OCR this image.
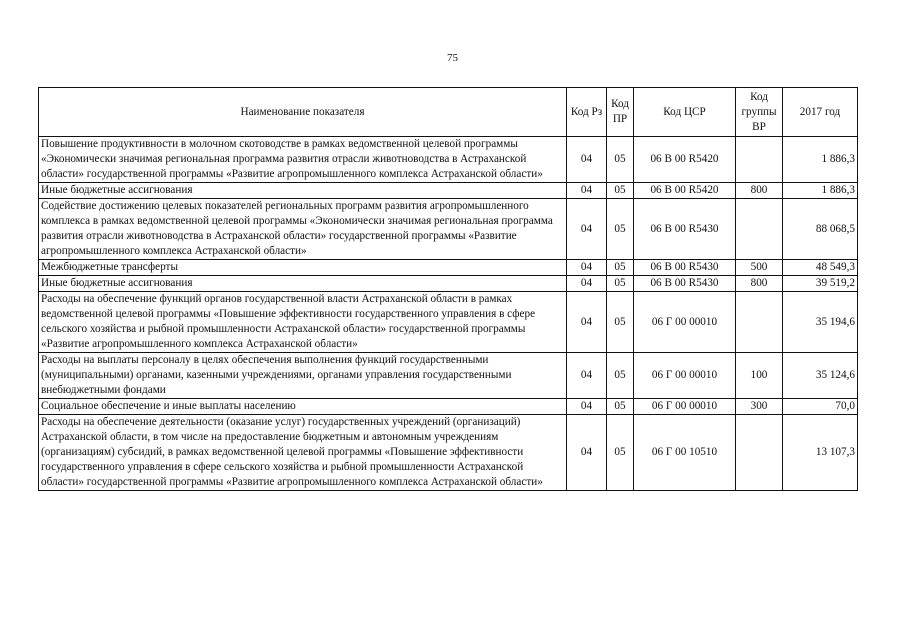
75
Наименование показателя	Код Рз	Код ПР	Код ЦСР	Код группы ВР	2017 год
Повышение продуктивности в молочном скотоводстве в рамках ведомственной целевой программы «Экономически значимая региональная программа развития отрасли животноводства в Астраханской области» государственной программы «Развитие агропромышленного комплекса Астраханской области»	04	05	06 В 00 R5420		1 886,3
Иные бюджетные ассигнования	04	05	06 В 00 R5420	800	1 886,3
Содействие достижению целевых показателей региональных программ развития агропромышленного комплекса в рамках ведомственной целевой программы «Экономически значимая региональная программа развития отрасли животноводства в Астраханской области» государственной программы «Развитие агропромышленного комплекса Астраханской области»	04	05	06 В 00 R5430		88 068,5
Межбюджетные трансферты	04	05	06 В 00 R5430	500	48 549,3
Иные бюджетные ассигнования	04	05	06 В 00 R5430	800	39 519,2
Расходы на обеспечение функций органов государственной власти Астраханской области в рамках ведомственной целевой программы «Повышение эффективности государственного управления в сфере сельского хозяйства и рыбной промышленности Астраханской области» государственной программы «Развитие агропромышленного комплекса Астраханской области»	04	05	06 Г 00 00010		35 194,6
Расходы на выплаты персоналу в целях обеспечения выполнения функций государственными (муниципальными) органами, казенными учреждениями, органами управления государственными внебюджетными фондами	04	05	06 Г 00 00010	100	35 124,6
Социальное обеспечение и иные выплаты населению	04	05	06 Г 00 00010	300	70,0
Расходы на обеспечение деятельности (оказание услуг) государственных учреждений (организаций) Астраханской области, в том числе на предоставление бюджетным и автономным учреждениям (организациям) субсидий, в рамках ведомственной целевой программы «Повышение эффективности государственного управления в сфере сельского хозяйства и рыбной промышленности Астраханской области» государственной программы «Развитие агропромышленного комплекса Астраханской области»	04	05	06 Г 00 10510		13 107,3
